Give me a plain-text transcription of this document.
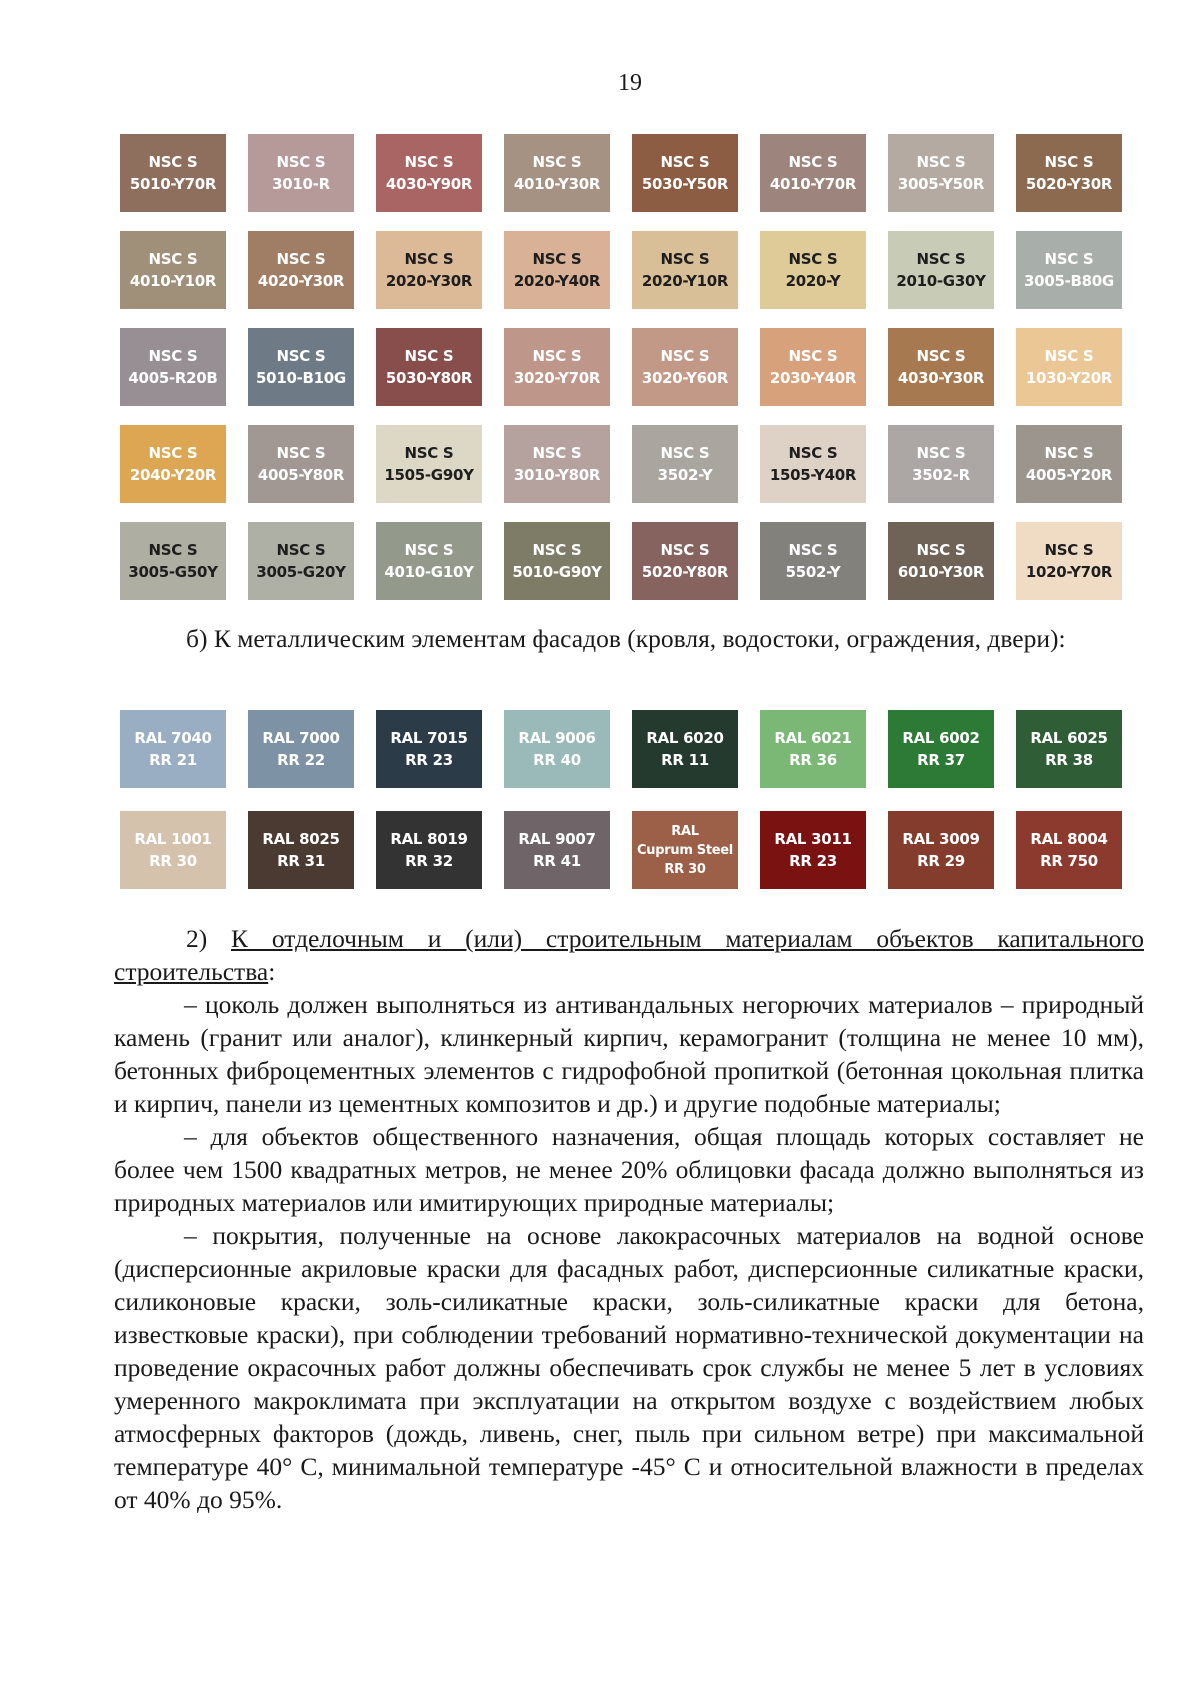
19
NSC S
5010-Y70R
NSC S
3010-R
NSC S
4030-Y90R
NSC S
4010-Y30R
NSC S
5030-Y50R
NSC S
4010-Y70R
NSC S
3005-Y50R
NSC S
5020-Y30R
NSC S
4010-Y10R
NSC S
4020-Y30R
NSC S
2020-Y30R
NSC S
2020-Y40R
NSC S
2020-Y10R
NSC S
2020-Y
NSC S
2010-G30Y
NSC S
3005-B80G
NSC S
4005-R20B
NSC S
5010-B10G
NSC S
5030-Y80R
NSC S
3020-Y70R
NSC S
3020-Y60R
NSC S
2030-Y40R
NSC S
4030-Y30R
NSC S
1030-Y20R
NSC S
2040-Y20R
NSC S
4005-Y80R
NSC S
1505-G90Y
NSC S
3010-Y80R
NSC S
3502-Y
NSC S
1505-Y40R
NSC S
3502-R
NSC S
4005-Y20R
NSC S
3005-G50Y
NSC S
3005-G20Y
NSC S
4010-G10Y
NSC S
5010-G90Y
NSC S
5020-Y80R
NSC S
5502-Y
NSC S
6010-Y30R
NSC S
1020-Y70R

б) К металлическим элементам фасадов (кровля, водостоки, ограждения, двери):

RAL 7040
RR 21
RAL 7000
RR 22
RAL 7015
RR 23
RAL 9006
RR 40
RAL 6020
RR 11
RAL 6021
RR 36
RAL 6002
RR 37
RAL 6025
RR 38
RAL 1001
RR 30
RAL 8025
RR 31
RAL 8019
RR 32
RAL 9007
RR 41
RAL
Cuprum Steel
RR 30
RAL 3011
RR 23
RAL 3009
RR 29
RAL 8004
RR 750

2) К отделочным и (или) строительным материалам объектов капитального строительства:

– цоколь должен выполняться из антивандальных негорючих материалов – природный камень (гранит или аналог), клинкерный кирпич, керамогранит (толщина не менее 10 мм), бетонных фиброцементных элементов с гидрофобной пропиткой (бетонная цокольная плитка и кирпич, панели из цементных композитов и др.) и другие подобные материалы;

– для объектов общественного назначения, общая площадь которых составляет не более чем 1500 квадратных метров, не менее 20% облицовки фасада должно выполняться из природных материалов или имитирующих природные материалы;

– покрытия, полученные на основе лакокрасочных материалов на водной основе (дисперсионные акриловые краски для фасадных работ, дисперсионные силикатные краски, силиконовые краски, золь-силикатные краски, золь-силикатные краски для бетона, известковые краски), при соблюдении требований нормативно-технической документации на проведение окрасочных работ должны обеспечивать срок службы не менее 5 лет в условиях умеренного макроклимата при эксплуатации на открытом воздухе с воздействием любых атмосферных факторов (дождь, ливень, снег, пыль при сильном ветре) при максимальной температуре 40° С, минимальной температуре -45° С и относительной влажности в пределах от 40% до 95%.
